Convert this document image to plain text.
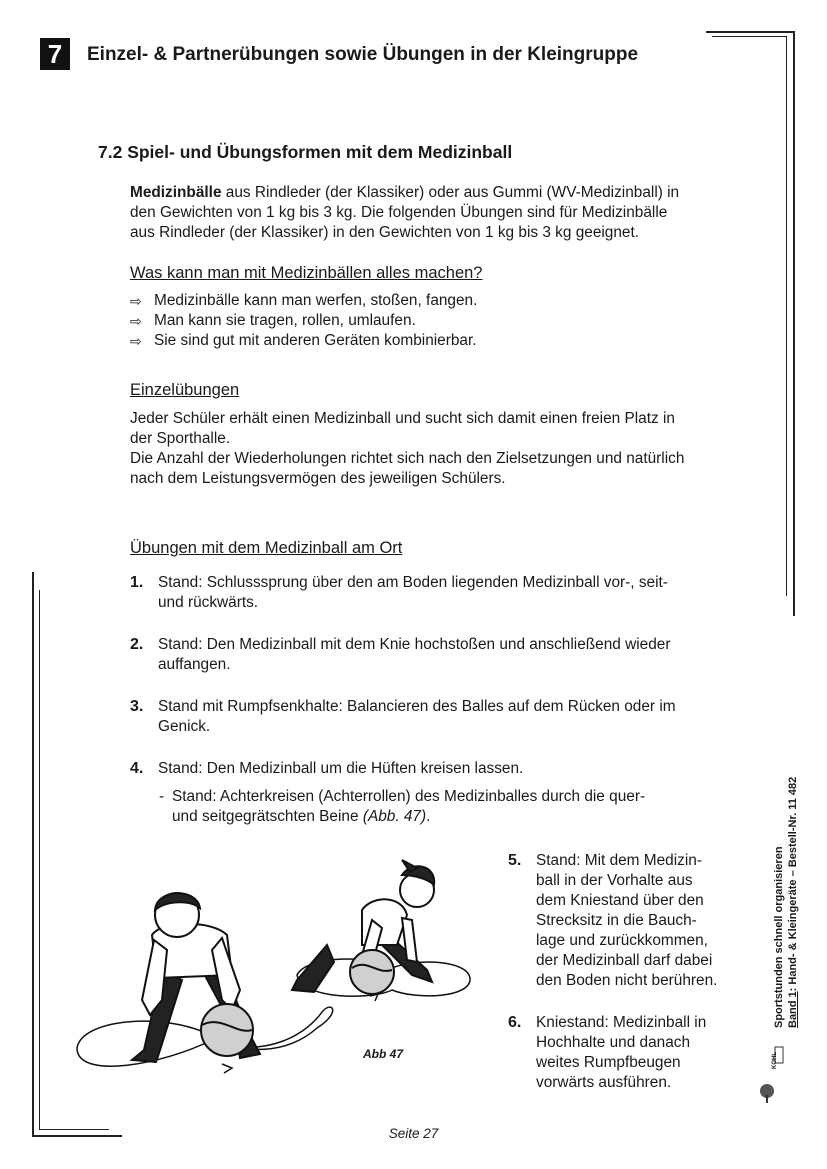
7	Einzel- & Partnerübungen sowie Übungen in der Kleingruppe
7.2 Spiel- und Übungsformen mit dem Medizinball
Medizinbälle aus Rindleder (der Klassiker) oder aus Gummi (WV-Medizinball) in
den Gewichten von 1 kg bis 3 kg. Die folgenden Übungen sind für Medizinbälle
aus Rindleder (der Klassiker) in den Gewichten von 1 kg bis 3 kg geeignet.
Was kann man mit Medizinbällen alles machen?
⇨ Medizinbälle kann man werfen, stoßen, fangen.
⇨ Man kann sie tragen, rollen, umlaufen.
⇨ Sie sind gut mit anderen Geräten kombinierbar.
Einzelübungen
Jeder Schüler erhält einen Medizinball und sucht sich damit einen freien Platz in
der Sporthalle.
Die Anzahl der Wiederholungen richtet sich nach den Zielsetzungen und natürlich
nach dem Leistungsvermögen des jeweiligen Schülers.
Übungen mit dem Medizinball am Ort
1. Stand: Schlusssprung über den am Boden liegenden Medizinball vor-, seit-
und rückwärts.
2. Stand: Den Medizinball mit dem Knie hochstoßen und anschließend wieder
auffangen.
3. Stand mit Rumpfsenkhalte: Balancieren des Balles auf dem Rücken oder im
Genick.
4. Stand: Den Medizinball um die Hüften kreisen lassen.
- Stand: Achterkreisen (Achterrollen) des Medizinballes durch die quer-
und seitgegrätschten Beine (Abb. 47).
Abb 47
5. Stand: Mit dem Medizin-
ball in der Vorhalte aus
dem Kniestand über den
Strecksitz in die Bauch-
lage und zurückkommen,
der Medizinball darf dabei
den Boden nicht berühren.
6. Kniestand: Medizinball in
Hochhalte und danach
weites Rumpfbeugen
vorwärts ausführen.
Sportstunden schnell organisieren Band 1: Hand- & Kleingeräte – Bestell-Nr. 11 482
KOHL
Seite 27
